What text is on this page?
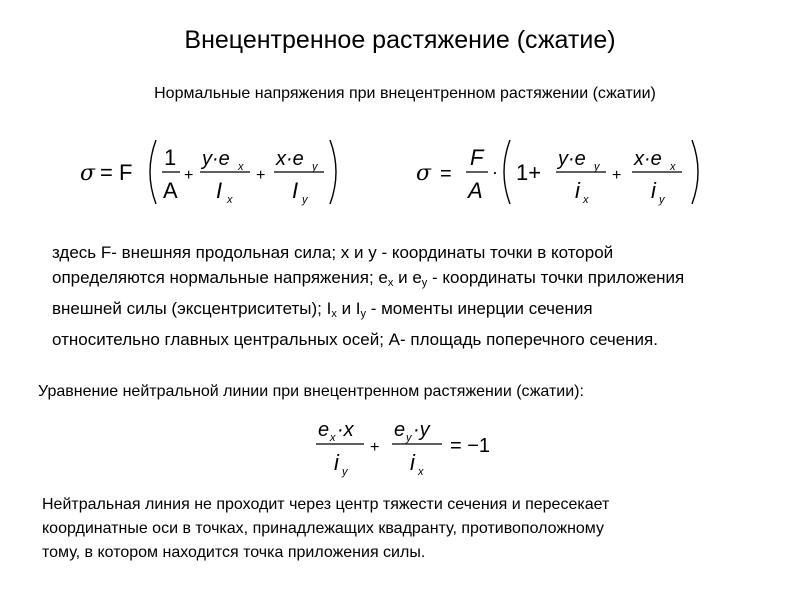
Внецентренное растяжение (сжатие)
Нормальные напряжения при внецентренном растяжении (сжатии)
σ = F
1
A
+
y·e x
I x
+
x·e y
I y
σ =
F
A
· 1+
y·e y
i x
+
x·e x
i y
здесь F- внешняя продольная сила; x и y - координаты точки в которой
определяются нормальные напряжения; $e_x$ и $e_y$ - координаты точки приложения
внешней силы (эксцентриситеты); $I_x$ и $I_y$ - моменты инерции сечения
относительно главных центральных осей; А- площадь поперечного сечения.
Уравнение нейтральной линии при внецентренном растяжении (сжатии):
e x ·x
i y
+
e y ·y
i x
= −1
Нейтральная линия не проходит через центр тяжести сечения и пересекает
координатные оси в точках, принадлежащих квадранту, противоположному
тому, в котором находится точка приложения силы.
